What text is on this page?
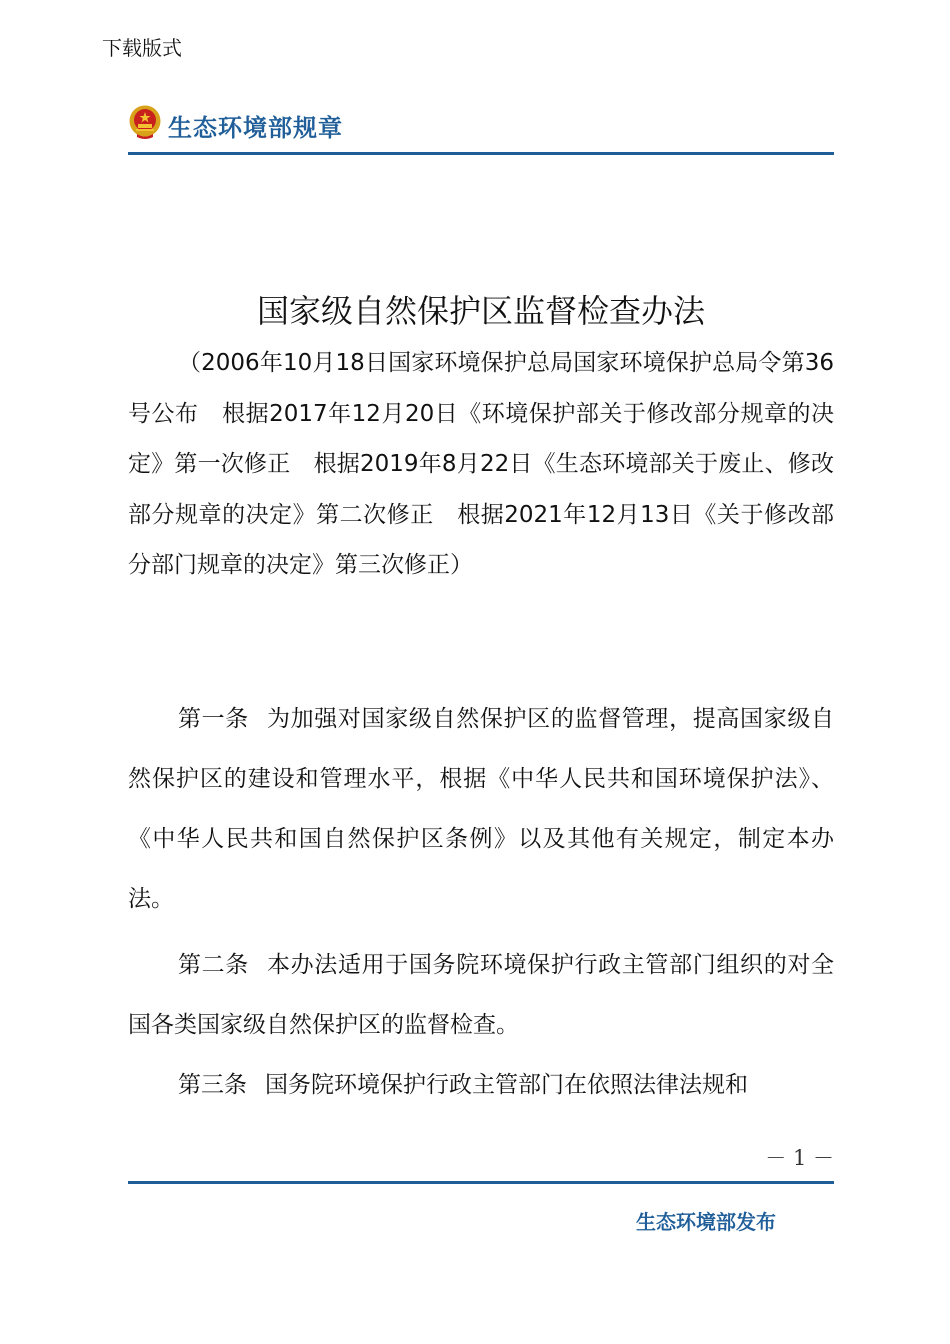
下载版式
生态环境部规章
国家级自然保护区监督检查办法
（2006年10月18日国家环境保护总局国家环境保护总局令第36号公布　根据2017年12月20日《环境保护部关于修改部分规章的决定》第一次修正　根据2019年8月22日《生态环境部关于废止、修改部分规章的决定》第二次修正　根据2021年12月13日《关于修改部分部门规章的决定》第三次修正）
第一条 为加强对国家级自然保护区的监督管理，提高国家级自然保护区的建设和管理水平，根据《中华人民共和国环境保护法》、《中华人民共和国自然保护区条例》以及其他有关规定，制定本办法。
第二条 本办法适用于国务院环境保护行政主管部门组织的对全国各类国家级自然保护区的监督检查。
第三条 国务院环境保护行政主管部门在依照法律法规和
－ 1 －
生态环境部发布
